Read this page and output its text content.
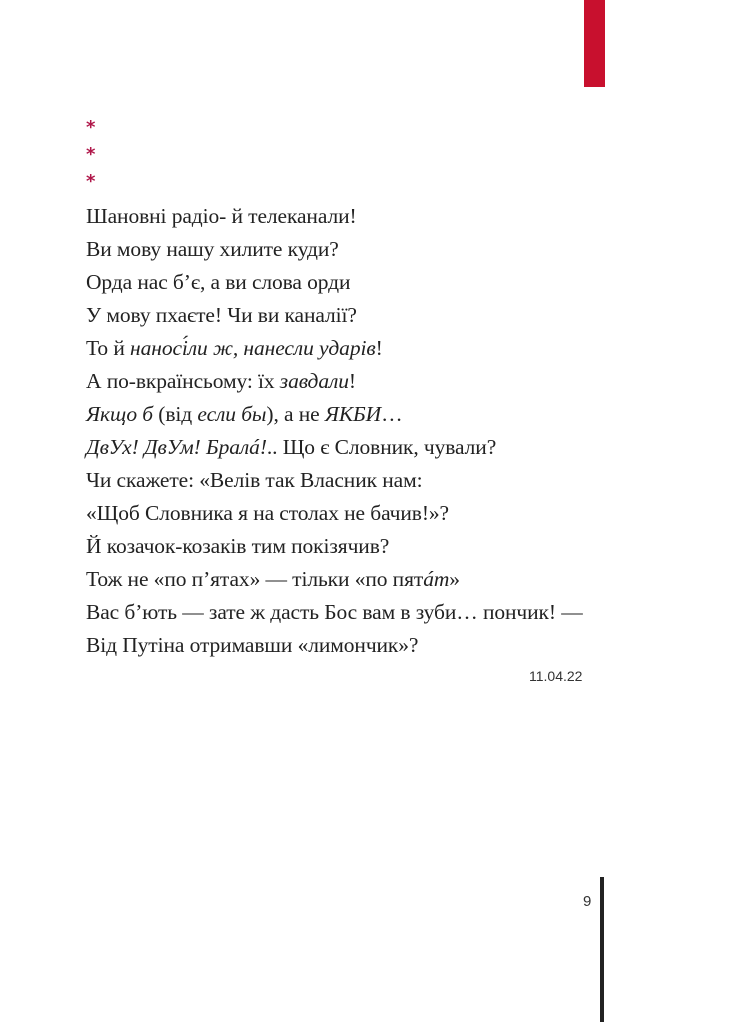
*
*
*
Шановні радіо- й телеканали!
Ви мову нашу хилите куди?
Орда нас б’є, а ви слова орди
У мову пхаєте! Чи ви каналії?
То й наносі́ли ж, нанесли ударів!
А по-вкраїнсьому: їх завдали!
Якщо б (від если бы), а не ЯКБИ…
ДвУх! ДвУм! Бралá!.. Що є Словник, чували?
Чи скажете: «Велів так Власник нам:
«Щоб Словника я на столах не бачив!»?
Й козачок-козаків тим покізячив?
Тож не «по п’ятах» — тільки «по пятám»
Вас б’ють — зате ж дасть Бос вам в зуби… пончик! —
Від Путіна отримавши «лимончик»?
11.04.22
9
